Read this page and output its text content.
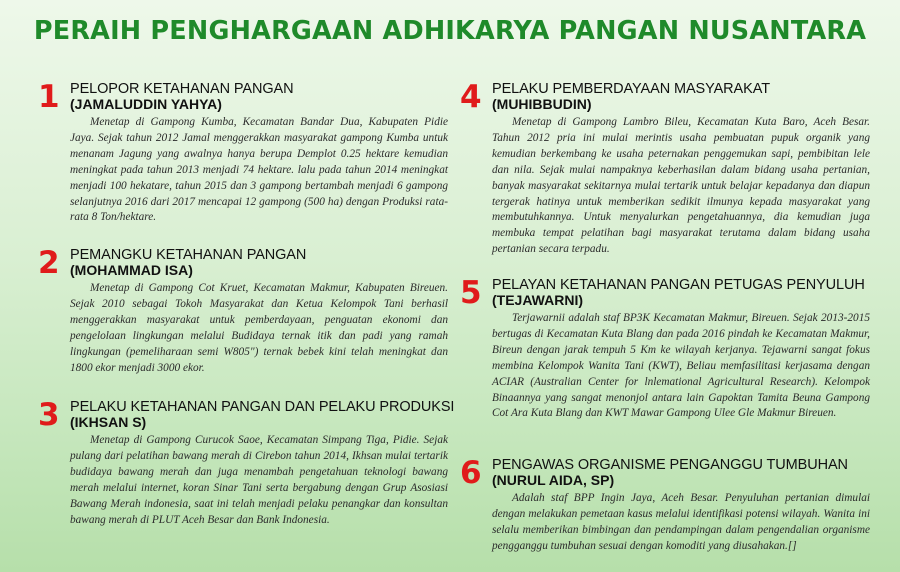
PERAIH PENGHARGAAN ADHIKARYA PANGAN NUSANTARA
1 PELOPOR KETAHANAN PANGAN
(JAMALUDDIN YAHYA)

Menetap di Gampong Kumba, Kecamatan Bandar Dua, Kabupaten Pidie Jaya. Sejak tahun 2012 Jamal menggerakkan masyarakat gampong Kumba untuk menanam Jagung yang awalnya hanya berupa Demplot 0.25 hektare kemudian meningkat pada tahun 2013 menjadi 74 hektare. lalu pada tahun 2014 meningkat menjadi 100 hekatare, tahun 2015 dan 3 gampong bertambah menjadi 6 gampong selanjutnya 2016 dari 2017 mencapai 12 gampong (500 ha) dengan Produksi rata-rata 8 Ton/hektare.

2 PEMANGKU KETAHANAN PANGAN
(MOHAMMAD ISA)

Menetap di Gampong Cot Kruet, Kecamatan Makmur, Kabupaten Bireuen. Sejak 2010 sebagai Tokoh Masyarakat dan Ketua Kelompok Tani berhasil menggerakkan masyarakat untuk pemberdayaan, penguatan ekonomi dan pengelolaan lingkungan melalui Budidaya ternak itik dan padi yang ramah lingkungan (pemeliharaan semi W805") ternak bebek kini telah meningkat dan 1800 ekor menjadi 3000 ekor.

3 PELAKU KETAHANAN PANGAN DAN PELAKU PRODUKSI
(IKHSAN S)

Menetap di Gampong Curucok Saoe, Kecamatan Simpang Tiga, Pidie. Sejak pulang dari pelatihan bawang merah di Cirebon tahun 2014, Ikhsan mulai tertarik budidaya bawang merah dan juga menambah pengetahuan teknologi bawang merah melalui internet, koran Sinar Tani serta bergabung dengan Grup Asosiasi Bawang Merah indonesia, saat ini telah menjadi pelaku penangkar dan konsultan bawang merah di PLUT Aceh Besar dan Bank Indonesia.

4 PELAKU PEMBERDAYAAN MASYARAKAT
(MUHIBBUDIN)

Menetap di Gampong Lambro Bileu, Kecamatan Kuta Baro, Aceh Besar. Tahun 2012 pria ini mulai merintis usaha pembuatan pupuk organik yang kemudian berkembang ke usaha peternakan penggemukan sapi, pembibitan lele dan nila. Sejak mulai nampaknya keberhasilan dalam bidang usaha pertanian, banyak masyarakat sekitarnya mulai tertarik untuk belajar kepadanya dan diapun tergerak hatinya untuk memberikan sedikit ilmunya kepada masyarakat yang membutuhkannya. Untuk menyalurkan pengetahuannya, dia kemudian juga membuka tempat pelatihan bagi masyarakat terutama dalam bidang usaha pertanian secara terpadu.

5 PELAYAN KETAHANAN PANGAN PETUGAS PENYULUH
(TEJAWARNI)

Terjawarnii adalah staf BP3K Kecamatan Makmur, Bireuen. Sejak 2013-2015 bertugas di Kecamatan Kuta Blang dan pada 2016 pindah ke Kecamatan Makmur, Bireun dengan jarak tempuh 5 Km ke wilayah kerjanya. Tejawarni sangat fokus membina Kelompok Wanita Tani (KWT), Beliau memfasilitasi kerjasama dengan ACIAR (Australian Center for lnlemational Agricultural Research). Kelompok Binaannya yang sangat menonjol antara lain Gapoktan Tamita Beuna Gampong Cot Ara Kuta Blang dan KWT Mawar Gampong Ulee Gle Makmur Bireuen.

6 PENGAWAS ORGANISME PENGANGGU TUMBUHAN
(NURUL AIDA, SP)

Adalah staf BPP Ingin Jaya, Aceh Besar. Penyuluhan pertanian dimulai dengan melakukan pemetaan kasus melalui identifikasi potensi wilayah. Wanita ini selalu memberikan bimbingan dan pendampingan dalam pengendalian organisme pengganggu tumbuhan sesuai dengan komoditi yang diusahakan.[]
